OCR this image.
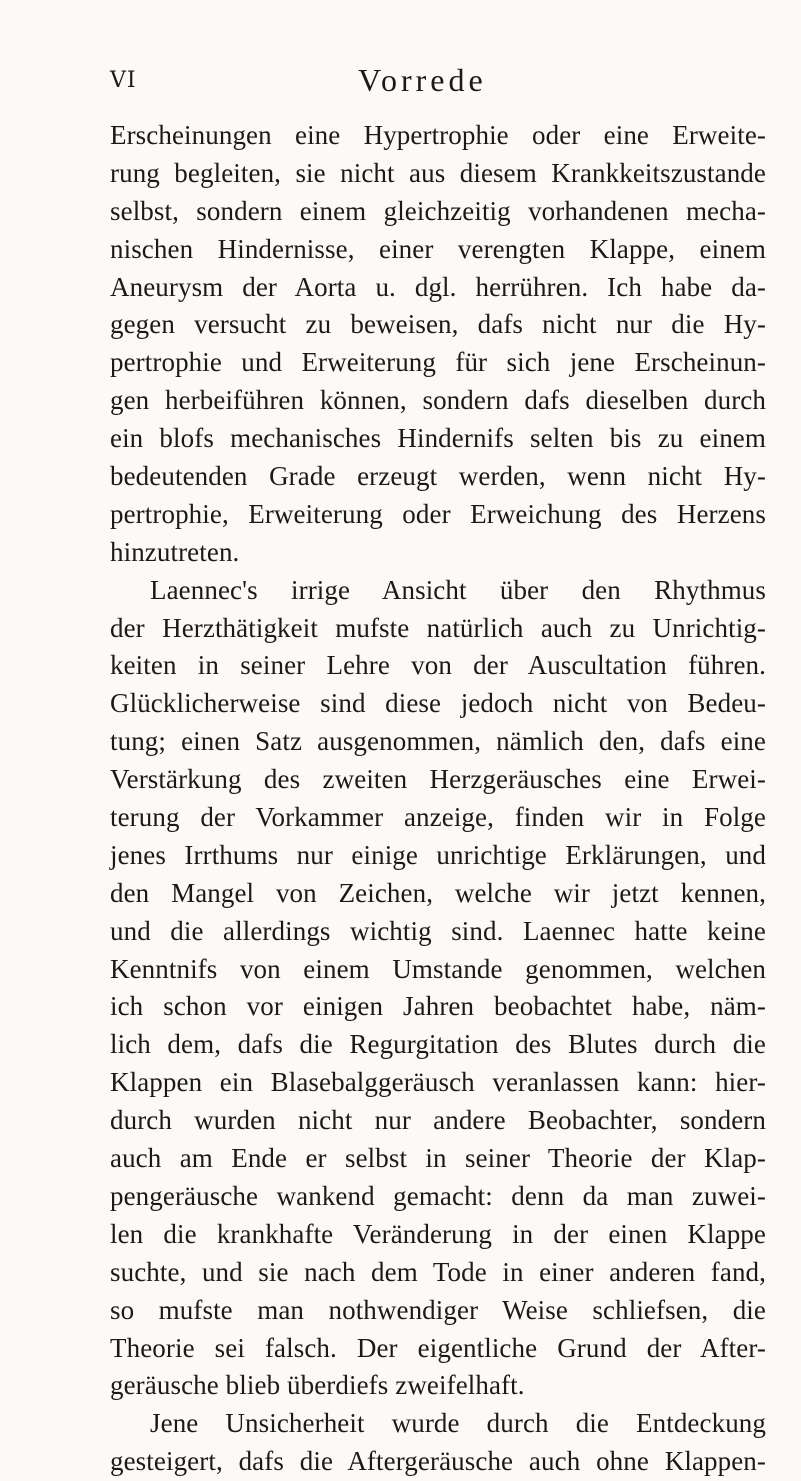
VI	Vorrede
Erscheinungen eine Hypertrophie oder eine Erweite-
rung begleiten, sie nicht aus diesem Krankkeitszustande
selbst, sondern einem gleichzeitig vorhandenen mecha-
nischen Hindernisse, einer verengten Klappe, einem
Aneurysm der Aorta u. dgl. herrühren. Ich habe da-
gegen versucht zu beweisen, dafs nicht nur die Hy-
pertrophie und Erweiterung für sich jene Erscheinun-
gen herbeiführen können, sondern dafs dieselben durch
ein blofs mechanisches Hindernifs selten bis zu einem
bedeutenden Grade erzeugt werden, wenn nicht Hy-
pertrophie, Erweiterung oder Erweichung des Herzens
hinzutreten.
Laennec's irrige Ansicht über den Rhythmus
der Herzthätigkeit mufste natürlich auch zu Unrichtig-
keiten in seiner Lehre von der Auscultation führen.
Glücklicherweise sind diese jedoch nicht von Bedeu-
tung; einen Satz ausgenommen, nämlich den, dafs eine
Verstärkung des zweiten Herzgeräusches eine Erwei-
terung der Vorkammer anzeige, finden wir in Folge
jenes Irrthums nur einige unrichtige Erklärungen, und
den Mangel von Zeichen, welche wir jetzt kennen,
und die allerdings wichtig sind. Laennec hatte keine
Kenntnifs von einem Umstande genommen, welchen
ich schon vor einigen Jahren beobachtet habe, näm-
lich dem, dafs die Regurgitation des Blutes durch die
Klappen ein Blasebalggeräusch veranlassen kann: hier-
durch wurden nicht nur andere Beobachter, sondern
auch am Ende er selbst in seiner Theorie der Klap-
pengeräusche wankend gemacht: denn da man zuwei-
len die krankhafte Veränderung in der einen Klappe
suchte, und sie nach dem Tode in einer anderen fand,
so mufste man nothwendiger Weise schliefsen, die
Theorie sei falsch. Der eigentliche Grund der After-
geräusche blieb überdiefs zweifelhaft.
Jene Unsicherheit wurde durch die Entdeckung
gesteigert, dafs die Aftergeräusche auch ohne Klappen-
